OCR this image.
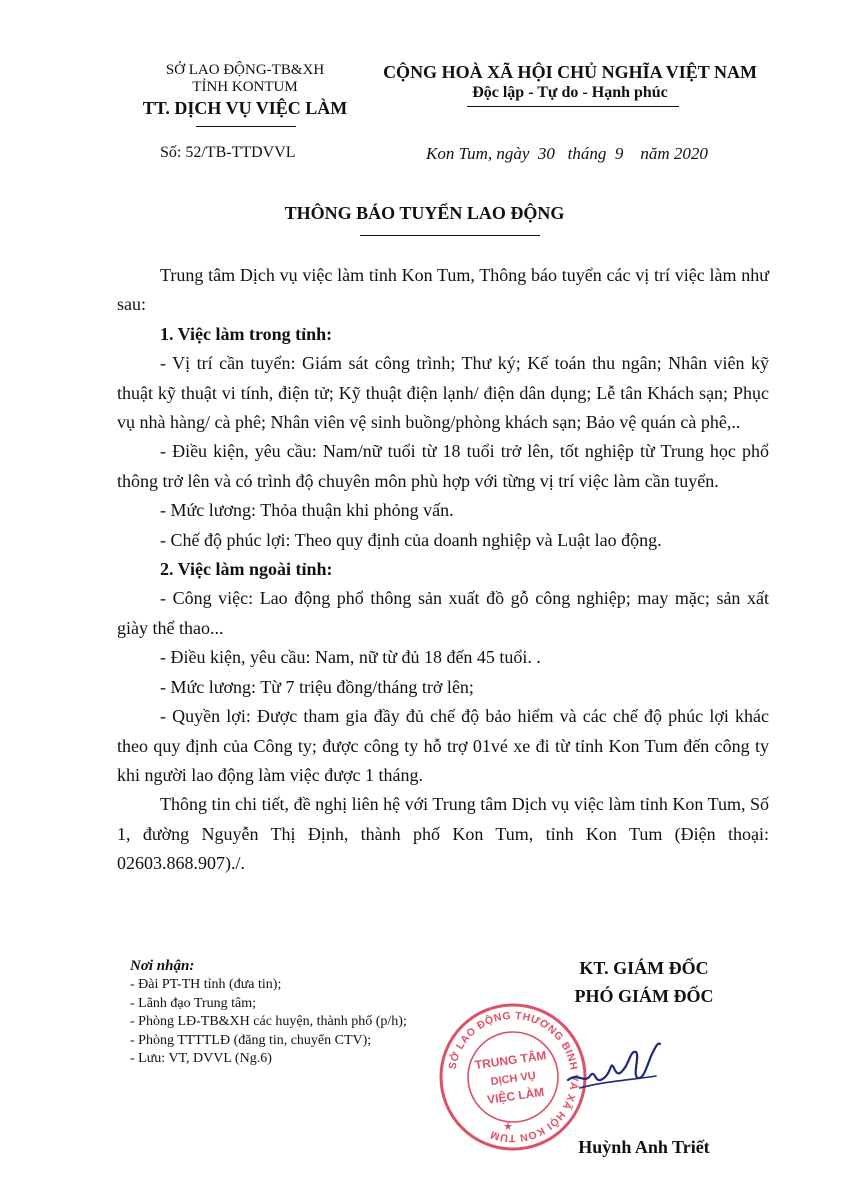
SỞ LAO ĐỘNG-TB&XH
TỈNH KONTUM
TT. DỊCH VỤ VIỆC LÀM
CỘNG HOÀ XÃ HỘI CHỦ NGHĨA VIỆT NAM
Độc lập - Tự do - Hạnh phúc
Số: 52/TB-TTDVVL	Kon Tum, ngày  30   tháng  9    năm 2020
THÔNG BÁO TUYỂN LAO ĐỘNG

Trung tâm Dịch vụ việc làm tỉnh Kon Tum, Thông báo tuyển các vị trí việc làm như sau:

1. Việc làm trong tỉnh:

- Vị trí cần tuyển: Giám sát công trình; Thư ký; Kế toán thu ngân; Nhân viên kỹ thuật kỹ thuật vi tính, điện tử; Kỹ thuật điện lạnh/ điện dân dụng; Lễ tân Khách sạn; Phục vụ nhà hàng/ cà phê; Nhân viên vệ sinh buồng/phòng khách sạn; Bảo vệ quán cà phê,..

- Điều kiện, yêu cầu: Nam/nữ tuổi từ 18 tuổi trở lên, tốt nghiệp từ Trung học phổ thông trở lên và có trình độ chuyên môn phù hợp với từng vị trí việc làm cần tuyển.

- Mức lương: Thỏa thuận khi phỏng vấn.

- Chế độ phúc lợi: Theo quy định của doanh nghiệp và Luật lao động.

2. Việc làm ngoài tỉnh:

- Công việc: Lao động phổ thông sản xuất đồ gỗ công nghiệp; may mặc; sản xất giày thể thao...

- Điều kiện, yêu cầu: Nam, nữ từ đủ 18 đến 45 tuổi. .

- Mức lương: Từ 7 triệu đồng/tháng trở lên;

- Quyền lợi: Được tham gia đầy đủ chế độ bảo hiểm và các chế độ phúc lợi khác theo quy định của Công ty; được công ty hỗ trợ 01vé xe đi từ tỉnh Kon Tum đến công ty khi người lao động làm việc được 1 tháng.

Thông tin chi tiết, đề nghị liên hệ với Trung tâm Dịch vụ việc làm tỉnh Kon Tum, Số 1, đường Nguyễn Thị Định, thành phố Kon Tum, tỉnh Kon Tum (Điện thoại: 02603.868.907)./.

Nơi nhận:
- Đài PT-TH tỉnh (đưa tin);
- Lãnh đạo Trung tâm;
- Phòng LĐ-TB&XH các huyện, thành phố (p/h);
- Phòng TTTTLĐ (đăng tin, chuyển CTV);
- Lưu: VT, DVVL (Ng.6)
KT. GIÁM ĐỐC
PHÓ GIÁM ĐỐC
SỞ LAO ĐỘNG THƯƠNG BINH VÀ XÃ HỘI KON TUM
★
TRUNG TÂM
DỊCH VỤ
VIỆC LÀM
Huỳnh Anh Triết
